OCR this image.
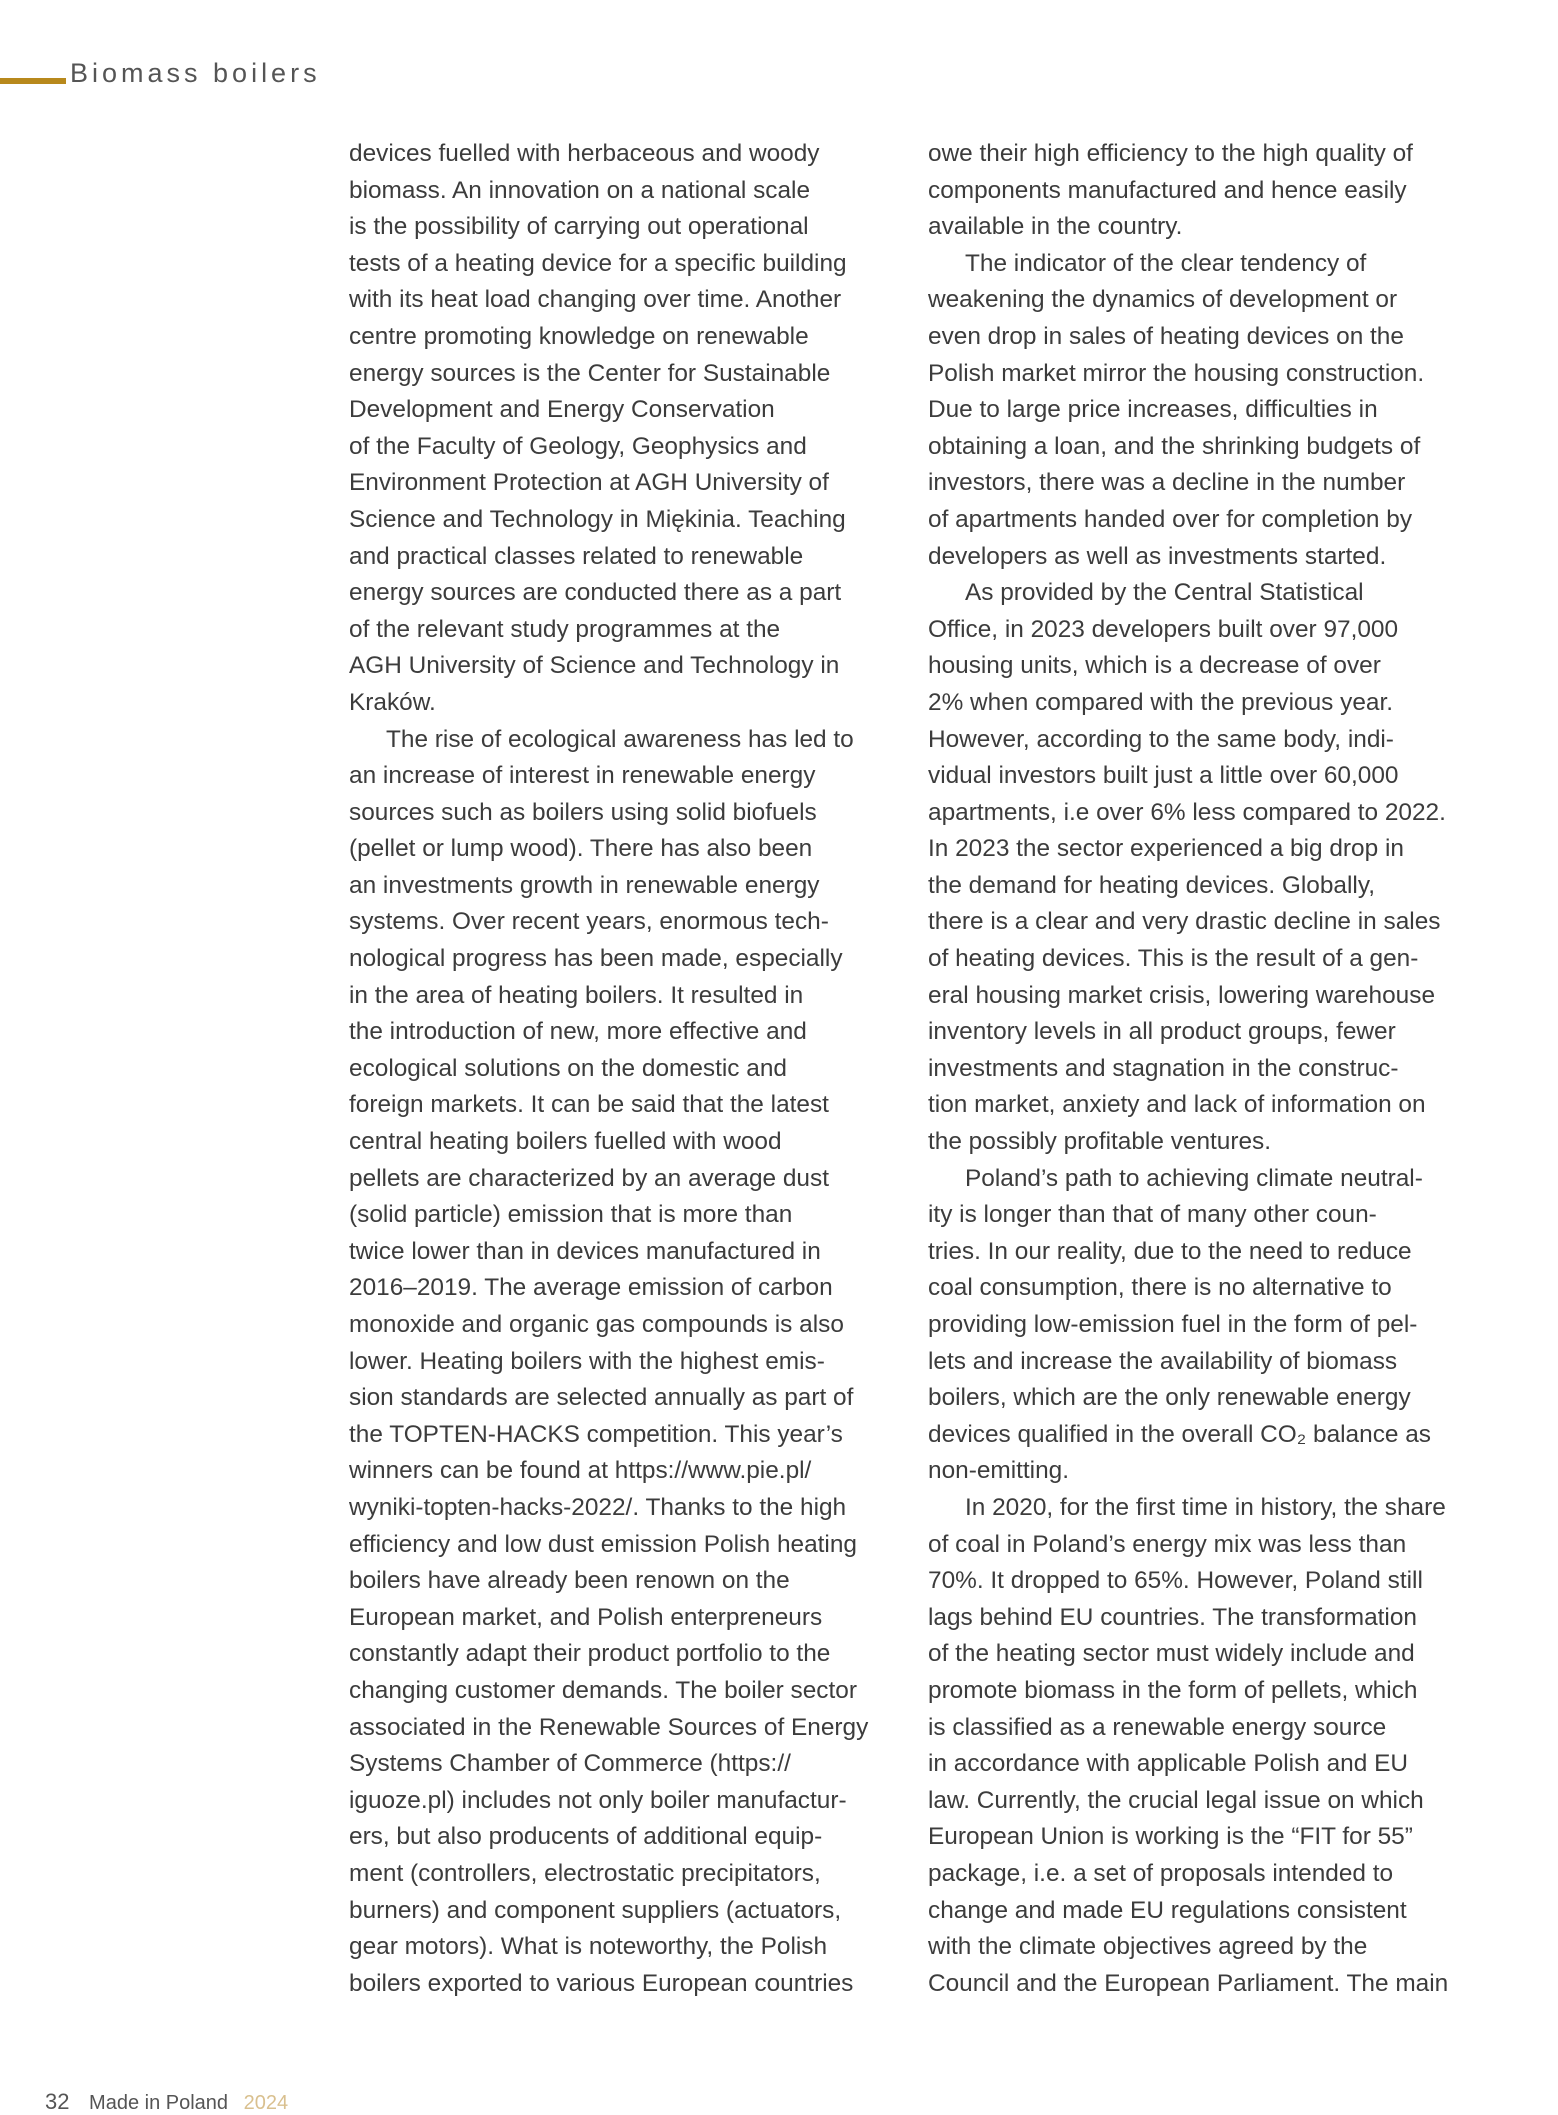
Biomass boilers
devices fuelled with herbaceous and woody
biomass. An innovation on a national scale
is the possibility of carrying out operational
tests of a heating device for a specific building
with its heat load changing over time. Another
centre promoting knowledge on renewable
energy sources is the Center for Sustainable
Development and Energy Conservation
of the Faculty of Geology, Geophysics and
Environment Protection at AGH University of
Science and Technology in Miękinia. Teaching
and practical classes related to renewable
energy sources are conducted there as a part
of the relevant study programmes at the
AGH University of Science and Technology in
Kraków.
The rise of ecological awareness has led to
an increase of interest in renewable energy
sources such as boilers using solid biofuels
(pellet or lump wood). There has also been
an investments growth in renewable energy
systems. Over recent years, enormous tech-
nological progress has been made, especially
in the area of heating boilers. It resulted in
the introduction of new, more effective and
ecological solutions on the domestic and
foreign markets. It can be said that the latest
central heating boilers fuelled with wood
pellets are characterized by an average dust
(solid particle) emission that is more than
twice lower than in devices manufactured in
2016–2019. The average emission of carbon
monoxide and organic gas compounds is also
lower. Heating boilers with the highest emis-
sion standards are selected annually as part of
the TOPTEN-HACKS competition. This year’s
winners can be found at https://www.pie.pl/
wyniki-topten-hacks-2022/. Thanks to the high
efficiency and low dust emission Polish heating
boilers have already been renown on the
European market, and Polish enterpreneurs
constantly adapt their product portfolio to the
changing customer demands. The boiler sector
associated in the Renewable Sources of Energy
Systems Chamber of Commerce (https://
iguoze.pl) includes not only boiler manufactur-
ers, but also producents of additional equip-
ment (controllers, electrostatic precipitators,
burners) and component suppliers (actuators,
gear motors). What is noteworthy, the Polish
boilers exported to various European countries
owe their high efficiency to the high quality of
components manufactured and hence easily
available in the country.
The indicator of the clear tendency of
weakening the dynamics of development or
even drop in sales of heating devices on the
Polish market mirror the housing construction.
Due to large price increases, difficulties in
obtaining a loan, and the shrinking budgets of
investors, there was a decline in the number
of apartments handed over for completion by
developers as well as investments started.
As provided by the Central Statistical
Office, in 2023 developers built over 97,000
housing units, which is a decrease of over
2% when compared with the previous year.
However, according to the same body, indi-
vidual investors built just a little over 60,000
apartments, i.e over 6% less compared to 2022.
In 2023 the sector experienced a big drop in
the demand for heating devices. Globally,
there is a clear and very drastic decline in sales
of heating devices. This is the result of a gen-
eral housing market crisis, lowering warehouse
inventory levels in all product groups, fewer
investments and stagnation in the construc-
tion market, anxiety and lack of information on
the possibly profitable ventures.
Poland’s path to achieving climate neutral-
ity is longer than that of many other coun-
tries. In our reality, due to the need to reduce
coal consumption, there is no alternative to
providing low-emission fuel in the form of pel-
lets and increase the availability of biomass
boilers, which are the only renewable energy
devices qualified in the overall CO₂ balance as
non-emitting.
In 2020, for the first time in history, the share
of coal in Poland’s energy mix was less than
70%. It dropped to 65%. However, Poland still
lags behind EU countries. The transformation
of the heating sector must widely include and
promote biomass in the form of pellets, which
is classified as a renewable energy source
in accordance with applicable Polish and EU
law. Currently, the crucial legal issue on which
European Union is working is the “FIT for 55”
package, i.e. a set of proposals intended to
change and made EU regulations consistent
with the climate objectives agreed by the
Council and the European Parliament. The main
32 Made in Poland 2024
